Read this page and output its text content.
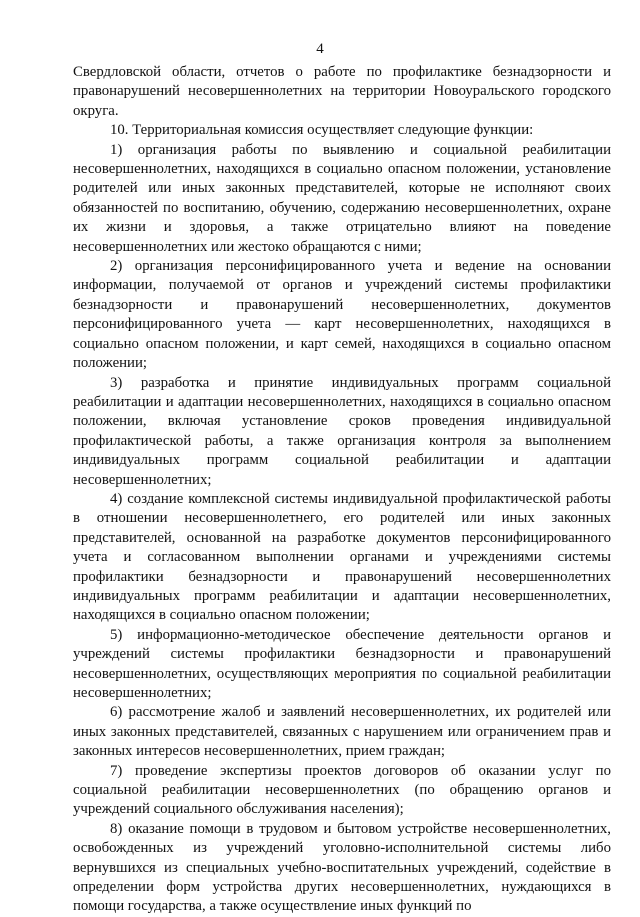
4

Свердловской области, отчетов о работе по профилактике безнадзорности и правонарушений несовершеннолетних на территории Новоуральского городского округа.

10. Территориальная комиссия осуществляет следующие функции:

1) организация работы по выявлению и социальной реабилитации несовершеннолетних, находящихся в социально опасном положении, установление родителей или иных законных представителей, которые не исполняют своих обязанностей по воспитанию, обучению, содержанию несовершеннолетних, охране их жизни и здоровья, а также отрицательно влияют на поведение несовершеннолетних или жестоко обращаются с ними;

2) организация персонифицированного учета и ведение на основании информации, получаемой от органов и учреждений системы профилактики безнадзорности и правонарушений несовершеннолетних, документов персонифицированного учета — карт несовершеннолетних, находящихся в социально опасном положении, и карт семей, находящихся в социально опасном положении;

3) разработка и принятие индивидуальных программ социальной реабилитации и адаптации несовершеннолетних, находящихся в социально опасном положении, включая установление сроков проведения индивидуальной профилактической работы, а также организация контроля за выполнением индивидуальных программ социальной реабилитации и адаптации несовершеннолетних;

4) создание комплексной системы индивидуальной профилактической работы в отношении несовершеннолетнего, его родителей или иных законных представителей, основанной на разработке документов персонифицированного учета и согласованном выполнении органами и учреждениями системы профилактики безнадзорности и правонарушений несовершеннолетних индивидуальных программ реабилитации и адаптации несовершеннолетних, находящихся в социально опасном положении;

5) информационно-методическое обеспечение деятельности органов и учреждений системы профилактики безнадзорности и правонарушений несовершеннолетних, осуществляющих мероприятия по социальной реабилитации несовершеннолетних;

6) рассмотрение жалоб и заявлений несовершеннолетних, их родителей или иных законных представителей, связанных с нарушением или ограничением прав и законных интересов несовершеннолетних, прием граждан;

7) проведение экспертизы проектов договоров об оказании услуг по социальной реабилитации несовершеннолетних (по обращению органов и учреждений социального обслуживания населения);

8) оказание помощи в трудовом и бытовом устройстве несовершеннолетних, освобожденных из учреждений уголовно-исполнительной системы либо вернувшихся из специальных учебно-воспитательных учреждений, содействие в определении форм устройства других несовершеннолетних, нуждающихся в помощи государства, а также осуществление иных функций по
